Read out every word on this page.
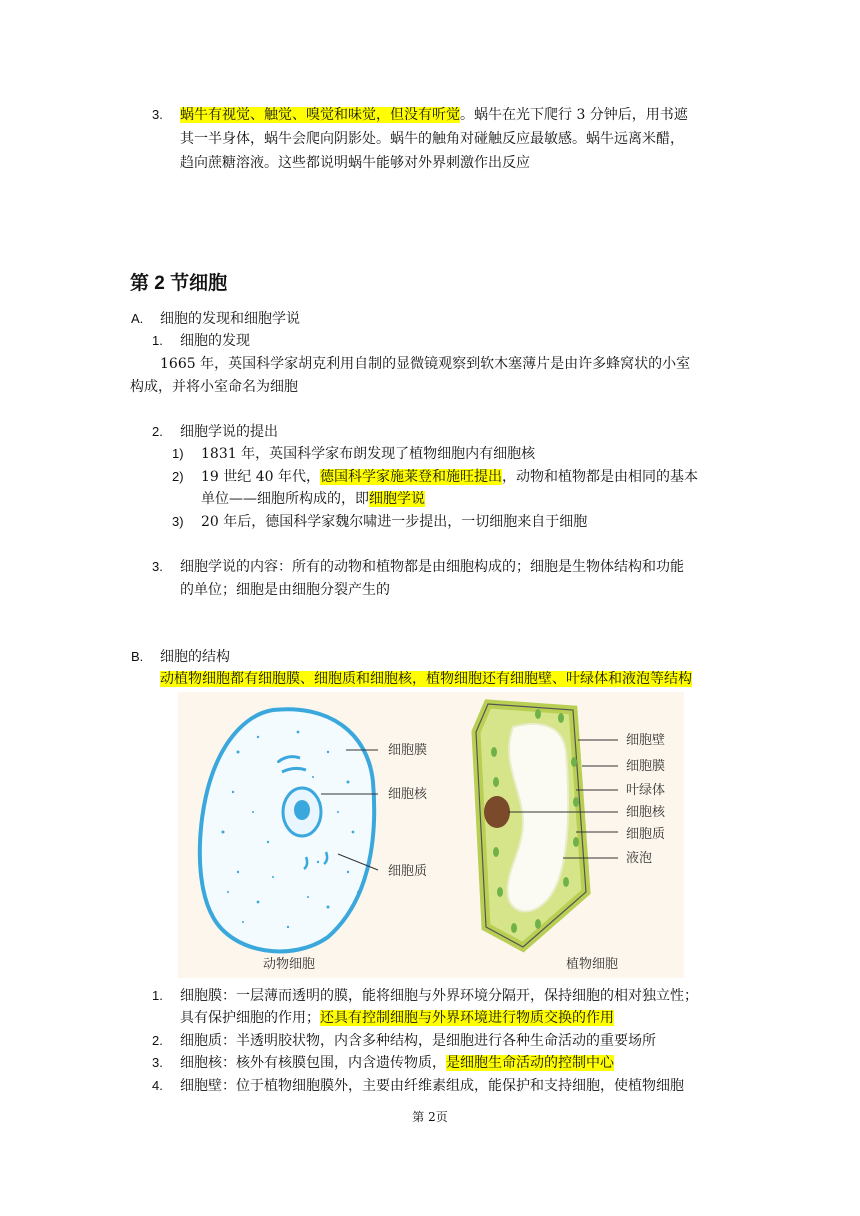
3. 蜗牛有视觉、触觉、嗅觉和味觉，但没有听觉。蜗牛在光下爬行 3 分钟后，用书遮
其一半身体，蜗牛会爬向阴影处。蜗牛的触角对碰触反应最敏感。蜗牛远离米醋，
趋向蔗糖溶液。这些都说明蜗牛能够对外界刺激作出反应
第 2 节细胞
A. 细胞的发现和细胞学说
1. 细胞的发现
1665 年，英国科学家胡克利用自制的显微镜观察到软木塞薄片是由许多蜂窝状的小室
构成，并将小室命名为细胞
2. 细胞学说的提出
1) 1831 年，英国科学家布朗发现了植物细胞内有细胞核
2) 19 世纪 40 年代，德国科学家施莱登和施旺提出，动物和植物都是由相同的基本
单位——细胞所构成的，即细胞学说
3) 20 年后，德国科学家魏尔啸进一步提出，一切细胞来自于细胞
3. 细胞学说的内容：所有的动物和植物都是由细胞构成的；细胞是生物体结构和功能
的单位；细胞是由细胞分裂产生的
B. 细胞的结构
动植物细胞都有细胞膜、细胞质和细胞核，植物细胞还有细胞壁、叶绿体和液泡等结构
细胞膜
细胞核
细胞质
动物细胞
细胞壁
细胞膜
叶绿体
细胞核
细胞质
液泡
植物细胞
1. 细胞膜：一层薄而透明的膜，能将细胞与外界环境分隔开，保持细胞的相对独立性；
具有保护细胞的作用；还具有控制细胞与外界环境进行物质交换的作用
2. 细胞质：半透明胶状物，内含多种结构，是细胞进行各种生命活动的重要场所
3. 细胞核：核外有核膜包围，内含遗传物质，是细胞生命活动的控制中心
4. 细胞壁：位于植物细胞膜外，主要由纤维素组成，能保护和支持细胞，使植物细胞
第 2页
